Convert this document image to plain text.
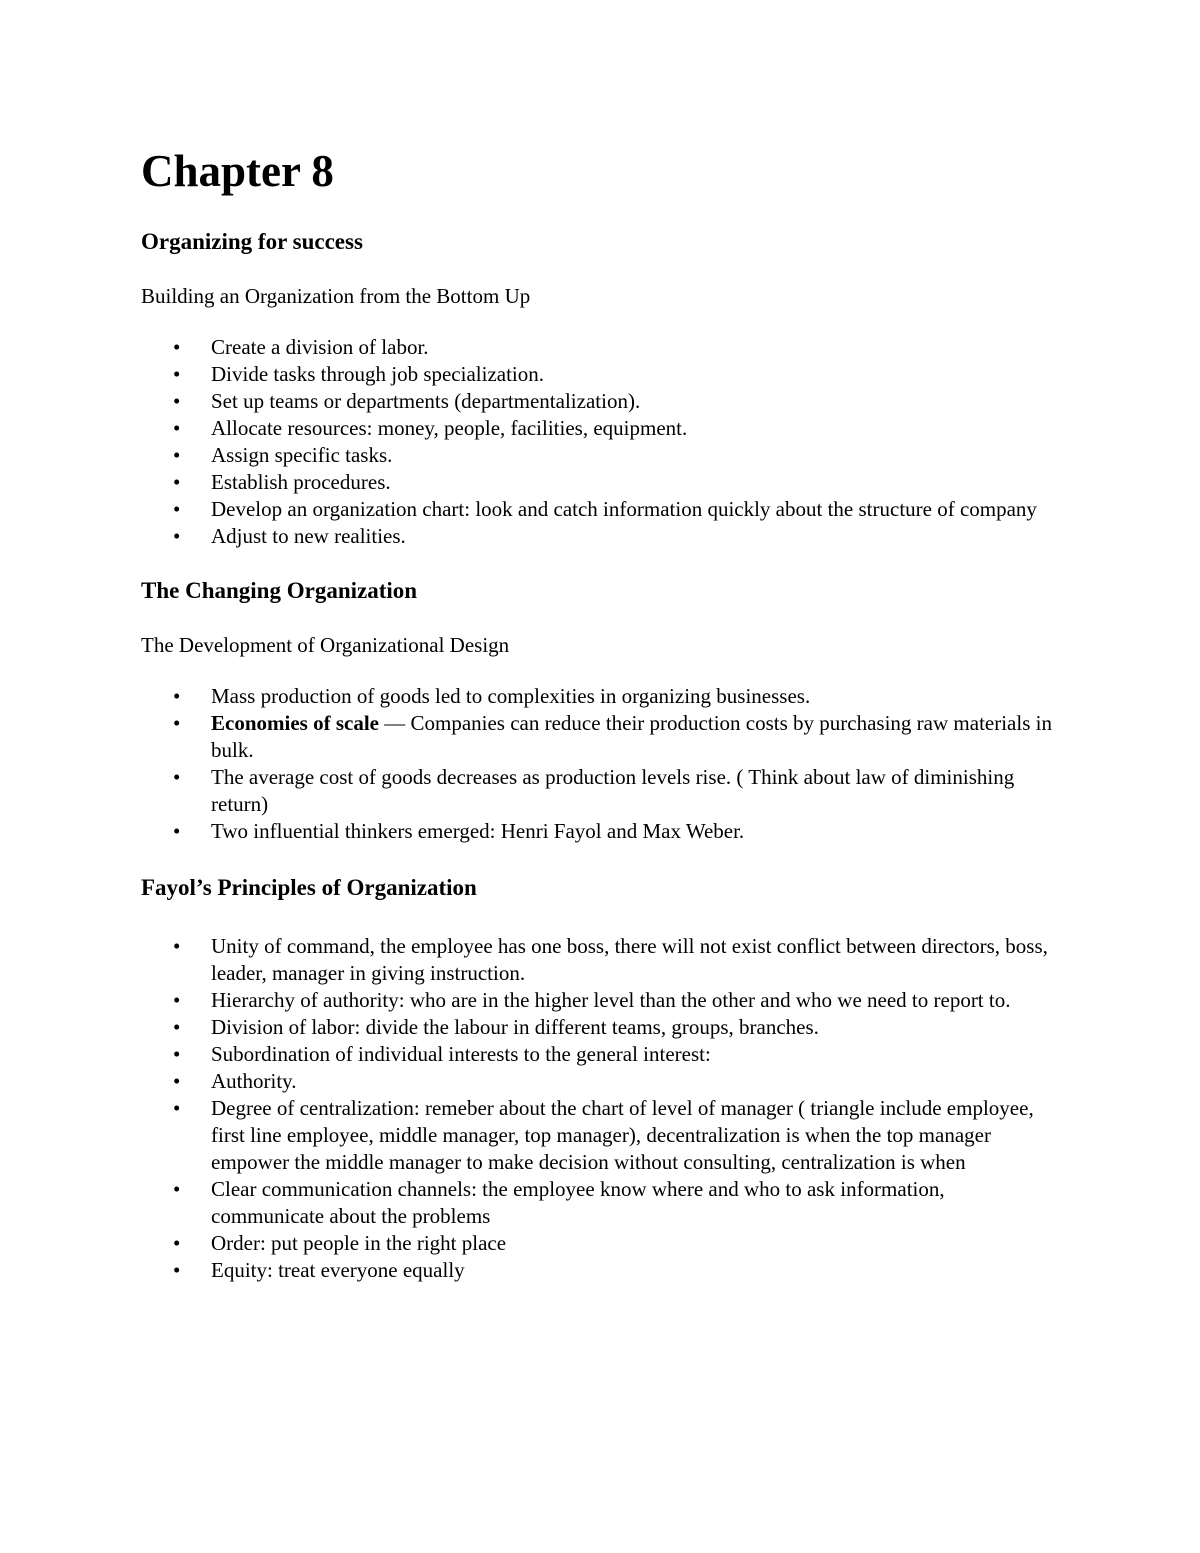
Chapter 8
Organizing for success

Building an Organization from the Bottom Up

• Create a division of labor.
• Divide tasks through job specialization.
• Set up teams or departments (departmentalization).
• Allocate resources: money, people, facilities, equipment.
• Assign specific tasks.
• Establish procedures.
• Develop an organization chart: look and catch information quickly about the structure of company
• Adjust to new realities.
The Changing Organization

The Development of Organizational Design

• Mass production of goods led to complexities in organizing businesses.
• Economies of scale — Companies can reduce their production costs by purchasing raw materials in bulk.
• The average cost of goods decreases as production levels rise. ( Think about law of diminishing return)
• Two influential thinkers emerged: Henri Fayol and Max Weber.
Fayol’s Principles of Organization
• Unity of command, the employee has one boss, there will not exist conflict between directors, boss, leader, manager in giving instruction.
• Hierarchy of authority: who are in the higher level than the other and who we need to report to.
• Division of labor: divide the labour in different teams, groups, branches.
• Subordination of individual interests to the general interest:
• Authority.
• Degree of centralization: remeber about the chart of level of manager ( triangle include employee, first line employee, middle manager, top manager), decentralization is when the top manager empower the middle manager to make decision without consulting, centralization is when
• Clear communication channels: the employee know where and who to ask information, communicate about the problems
• Order: put people in the right place
• Equity: treat everyone equally
